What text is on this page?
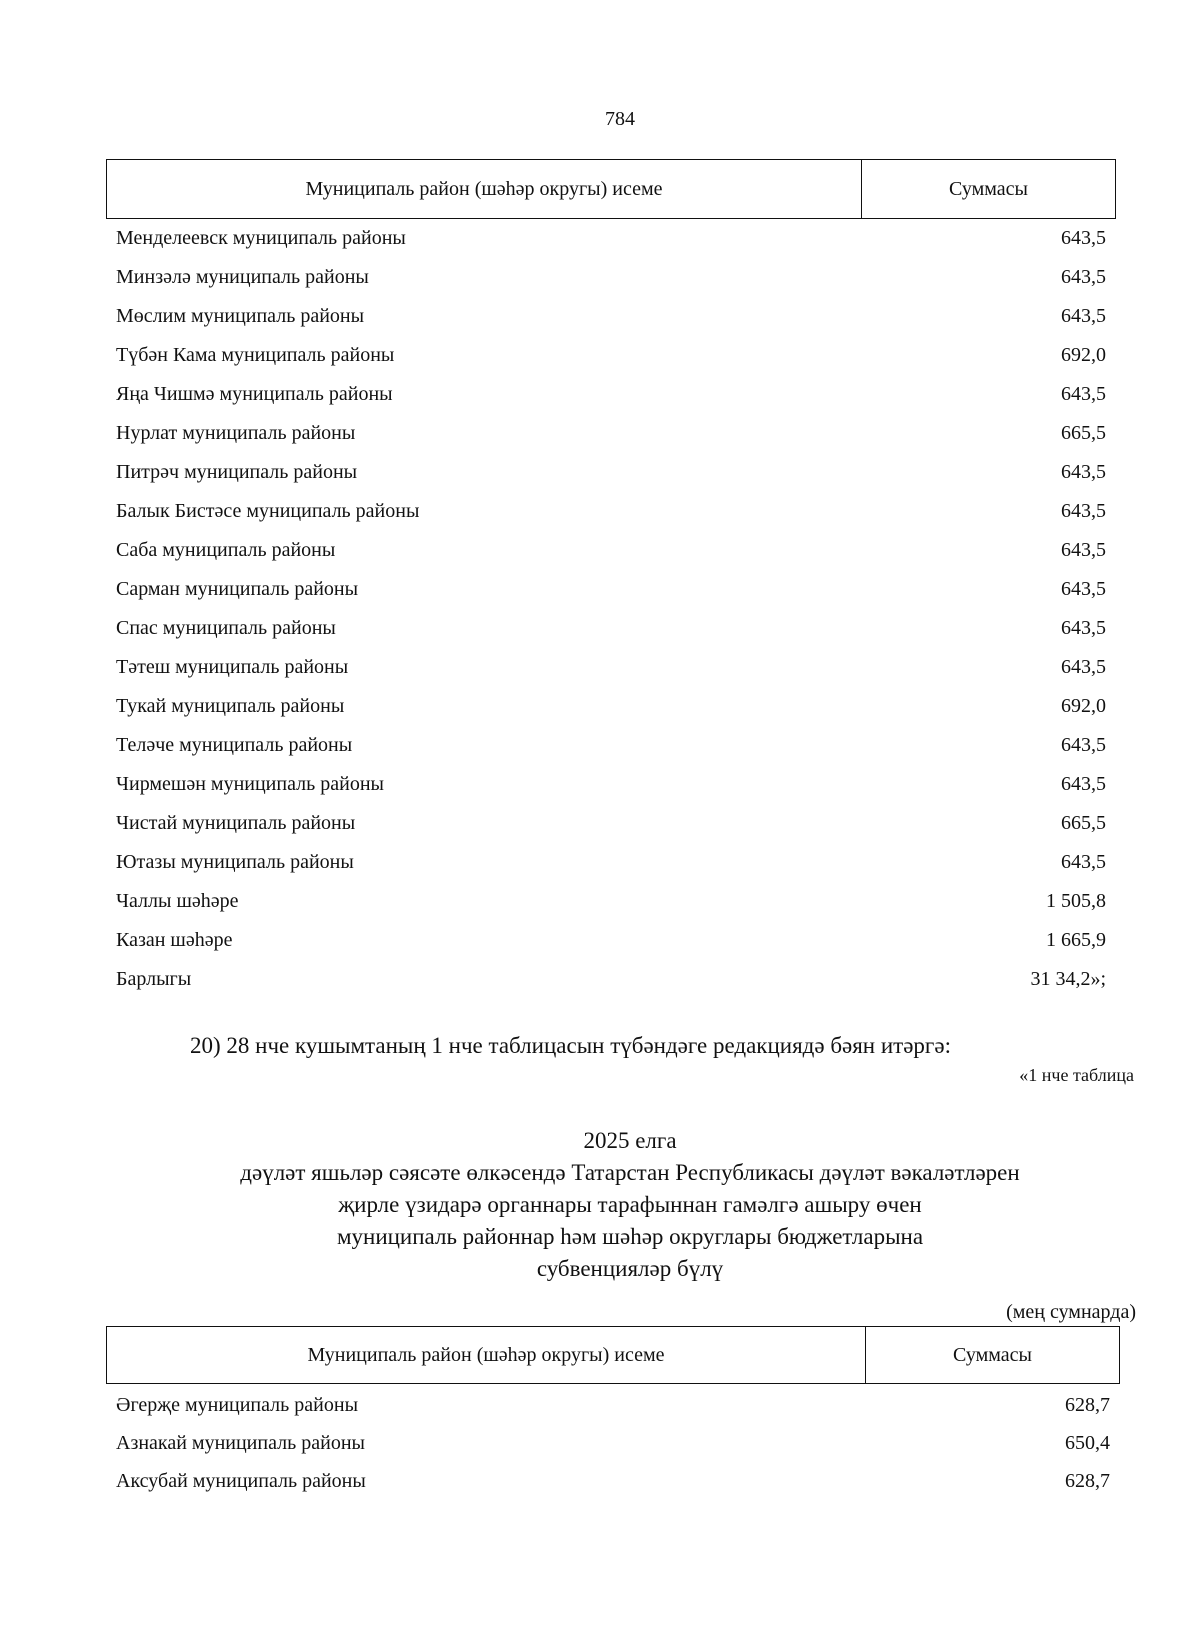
784
Муниципаль район (шәһәр округы) исеме	Суммасы
Менделеевск муниципаль районы	643,5
Минзәлә муниципаль районы	643,5
Мөслим муниципаль районы	643,5
Түбән Кама муниципаль районы	692,0
Яңа Чишмә муниципаль районы	643,5
Нурлат муниципаль районы	665,5
Питрәч муниципаль районы	643,5
Балык Бистәсе муниципаль районы	643,5
Саба муниципаль районы	643,5
Сарман муниципаль районы	643,5
Спас муниципаль районы	643,5
Тәтеш муниципаль районы	643,5
Тукай муниципаль районы	692,0
Теләче муниципаль районы	643,5
Чирмешән муниципаль районы	643,5
Чистай муниципаль районы	665,5
Ютазы муниципаль районы	643,5
Чаллы шәһәре	1 505,8
Казан шәһәре	1 665,9
Барлыгы	31 34,2»;
20) 28 нче кушымтаның 1 нче таблицасын түбәндәге редакциядә бәян итәргә:
«1 нче таблица
2025 елга
дәүләт яшьләр сәясәте өлкәсендә Татарстан Республикасы дәүләт вәкаләтләрен
җирле үзидарә органнары тарафыннан гамәлгә ашыру өчен
муниципаль районнар һәм шәһәр округлары бюджетларына
субвенцияләр бүлү
(мең сумнарда)
Муниципаль район (шәһәр округы) исеме	Суммасы
Әгерҗе муниципаль районы	628,7
Азнакай муниципаль районы	650,4
Аксубай муниципаль районы	628,7
